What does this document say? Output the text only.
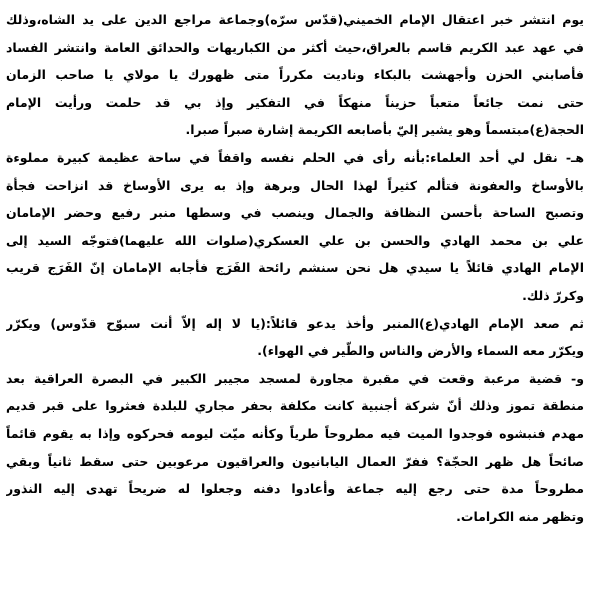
يوم انتشر خبر اعتقال الإمام الخميني(قدّس سرّه)وجماعة مراجع الدين على يد الشاه،وذلك
في عهد عبد الكريم قاسم بالعراق،حيث أكثر من الكباريهات والحدائق العامة وانتشر الفساد
فأصابني الحزن وأجهشت بالبكاء وناديت مكرراً متى ظهورك يا مولاي يا صاحب الزمان
حتى نمت جائعاً متعباً حزيناً منهكاً في التفكير وإذ بي قد حلمت ورأيت الإمام
الحجة(ع)مبتسماً وهو يشير إليّ بأصابعه الكريمة إشارة صبراً صبرا.
هـ- نقل لي أحد العلماء:بأنه رأى في الحلم نفسه واقفاً في ساحة عظيمة كبيرة مملوءة
بالأوساخ والعفونة فتألم كثيراً لهذا الحال وبرهة وإذ به يرى الأوساخ قد انزاحت فجأة
وتصبح الساحة بأحسن النظافة والجمال وينصب في وسطها منبر رفيع وحضر الإمامان
علي بن محمد الهادي والحسن بن علي العسكري(صلوات الله عليهما)فتوجّه السيد إلى
الإمام الهادي قائلاً يا سيدي هل نحن سنشم رائحة الفَرَج فأجابه الإمامان إنّ الفَرَج قريب
وكررّ ذلك.
ثم صعد الإمام الهادي(ع)المنبر وأخذ يدعو قائلاً:(يا لا إله إلاّ أنت سبوّح قدّوس) ويكرّر
ويكرّر معه السماء والأرض والناس والطّير في الهواء).
و- قضية مرعبة وقعت في مقبرة مجاورة لمسجد مجيبر الكبير في البصرة العراقية بعد
منطقة تموز وذلك أنّ شركة أجنبية كانت مكلفة بحفر مجاري للبلدة فعثروا على قبر قديم
مهدم فنبشوه فوجدوا الميت فيه مطروحاً طرياً وكأنه ميّت ليومه فحركوه وإذا به يقوم قائماً
صائحاً هل ظهر الحجّة؟ ففرّ العمال اليابانيون والعراقيون مرعوبين حتى سقط ثانياً وبقي
مطروحاً مدة حتى رجع إليه جماعة وأعادوا دفنه وجعلوا له ضريحاً تهدى إليه النذور
وتظهر منه الكرامات.
